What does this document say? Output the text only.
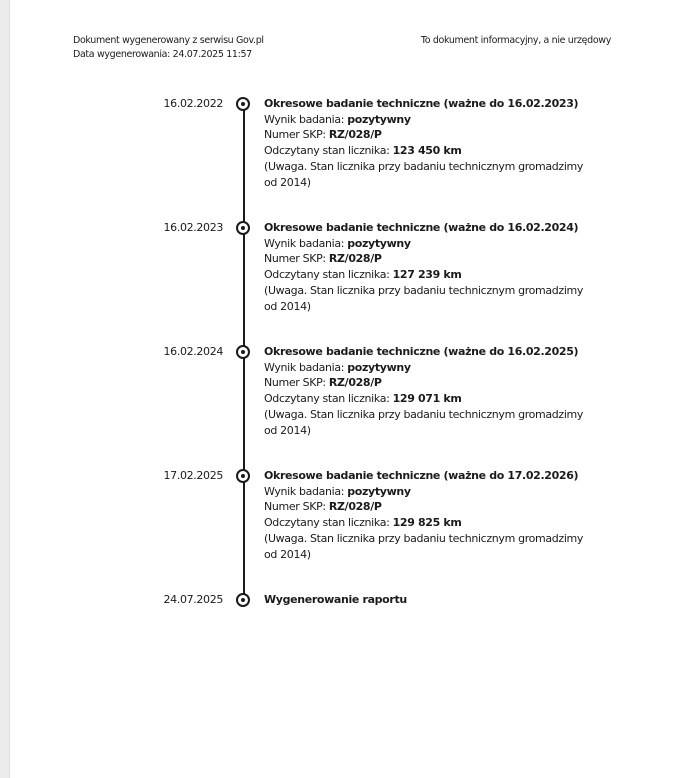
Dokument wygenerowany z serwisu Gov.pl
Data wygenerowania: 24.07.2025 11:57
To dokument informacyjny, a nie urzędowy
16.02.2022	Okresowe badanie techniczne (ważne do 16.02.2023)
Wynik badania: pozytywny
Numer SKP: RZ/028/P
Odczytany stan licznika: 123 450 km
(Uwaga. Stan licznika przy badaniu technicznym gromadzimy od 2014)
16.02.2023	Okresowe badanie techniczne (ważne do 16.02.2024)
Wynik badania: pozytywny
Numer SKP: RZ/028/P
Odczytany stan licznika: 127 239 km
(Uwaga. Stan licznika przy badaniu technicznym gromadzimy od 2014)
16.02.2024	Okresowe badanie techniczne (ważne do 16.02.2025)
Wynik badania: pozytywny
Numer SKP: RZ/028/P
Odczytany stan licznika: 129 071 km
(Uwaga. Stan licznika przy badaniu technicznym gromadzimy od 2014)
17.02.2025	Okresowe badanie techniczne (ważne do 17.02.2026)
Wynik badania: pozytywny
Numer SKP: RZ/028/P
Odczytany stan licznika: 129 825 km
(Uwaga. Stan licznika przy badaniu technicznym gromadzimy od 2014)
24.07.2025	Wygenerowanie raportu
